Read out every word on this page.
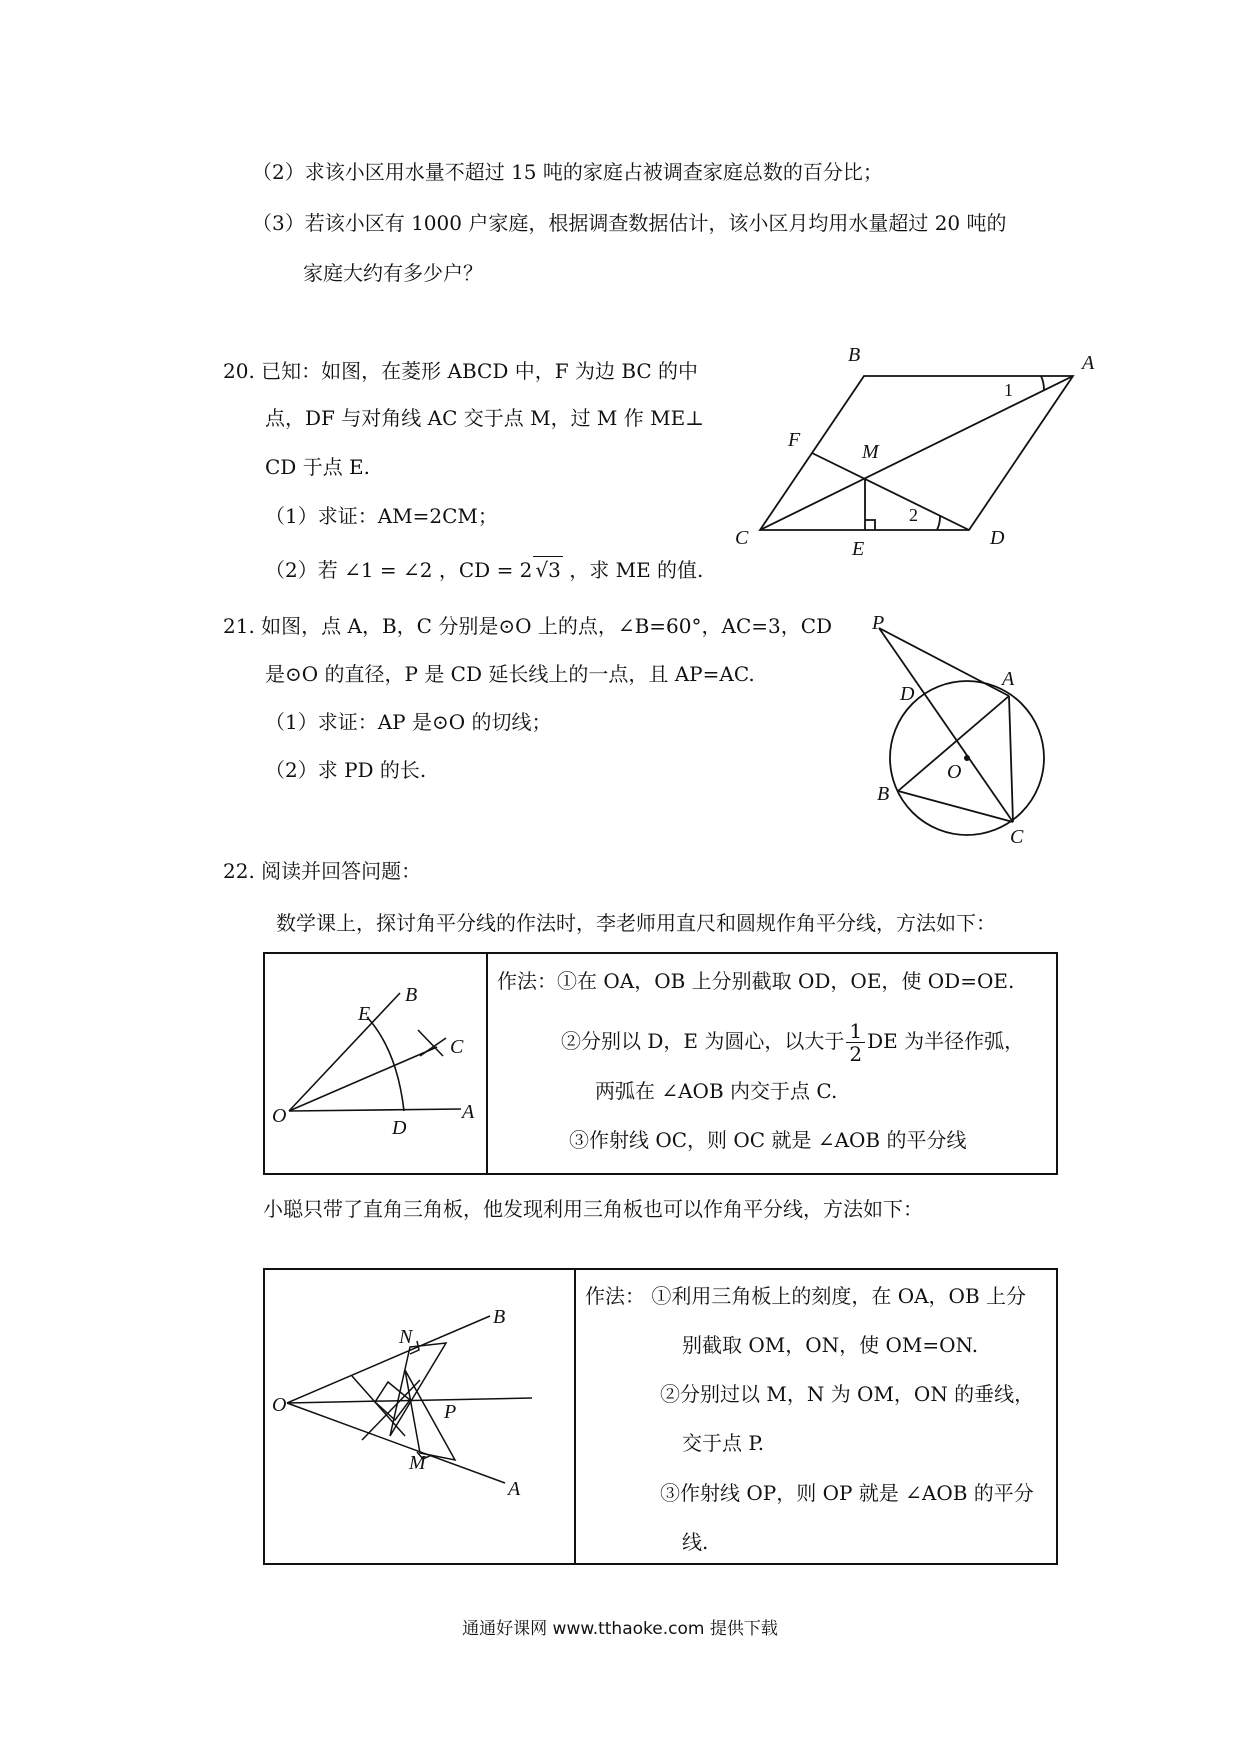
（2）求该小区用水量不超过 15 吨的家庭占被调查家庭总数的百分比；
（3）若该小区有 1000 户家庭，根据调查数据估计，该小区月均用水量超过 20 吨的
家庭大约有多少户？
20. 已知：如图，在菱形 ABCD 中，F 为边 BC 的中
点，DF 与对角线 AC 交于点 M，过 M 作 ME⊥
CD 于点 E.
（1）求证：AM=2CM；
（2）若 ∠1 = ∠2 ，CD = 2 √3 ，求 ME 的值.
B	A
1
F
M
2
C	E	D
21. 如图，点 A，B，C 分别是⊙O 上的点，∠B=60°，AC=3，CD
是⊙O 的直径，P 是 CD 延长线上的一点，且 AP=AC.
（1）求证：AP 是⊙O 的切线；
（2）求 PD 的长.
P
A
D
O
B
C
22. 阅读并回答问题：
数学课上，探讨角平分线的作法时，李老师用直尺和圆规作角平分线，方法如下：
B
E
C
O
D
A
作法：①在 OA，OB 上分别截取 OD，OE，使 OD=OE.
②分别以 D，E 为圆心，以大于 $\frac{1}{2}$ DE 为半径作弧，
两弧在 ∠AOB 内交于点 C.
③作射线 OC，则 OC 就是 ∠AOB 的平分线
小聪只带了直角三角板，他发现利用三角板也可以作角平分线，方法如下：
N
B
O	P
M
A
作法： ①利用三角板上的刻度，在 OA，OB 上分
别截取 OM，ON，使 OM=ON.
②分别过以 M，N 为 OM，ON 的垂线，
交于点 P.
③作射线 OP，则 OP 就是 ∠AOB 的平分
线.
通通好课网 www.tthaoke.com 提供下载
